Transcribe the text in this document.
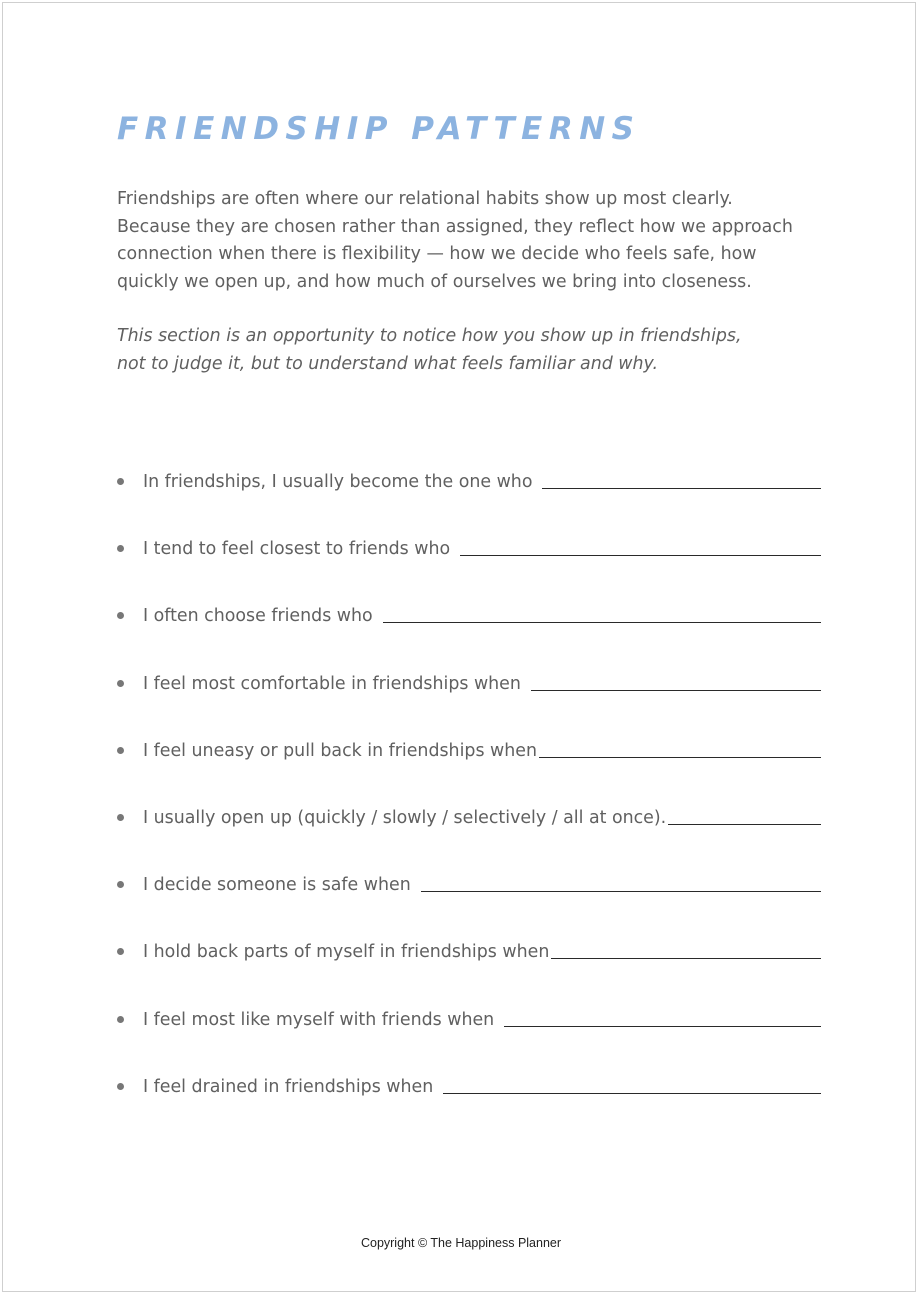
FRIENDSHIP PATTERNS

Friendships are often where our relational habits show up most clearly.
Because they are chosen rather than assigned, they reflect how we approach
connection when there is flexibility — how we decide who feels safe, how
quickly we open up, and how much of ourselves we bring into closeness.

This section is an opportunity to notice how you show up in friendships,
not to judge it, but to understand what feels familiar and why.

In friendships, I usually become the one who
I tend to feel closest to friends who
I often choose friends who
I feel most comfortable in friendships when
I feel uneasy or pull back in friendships when
I usually open up (quickly / slowly / selectively / all at once).
I decide someone is safe when
I hold back parts of myself in friendships when
I feel most like myself with friends when
I feel drained in friendships when
Copyright © The Happiness Planner
